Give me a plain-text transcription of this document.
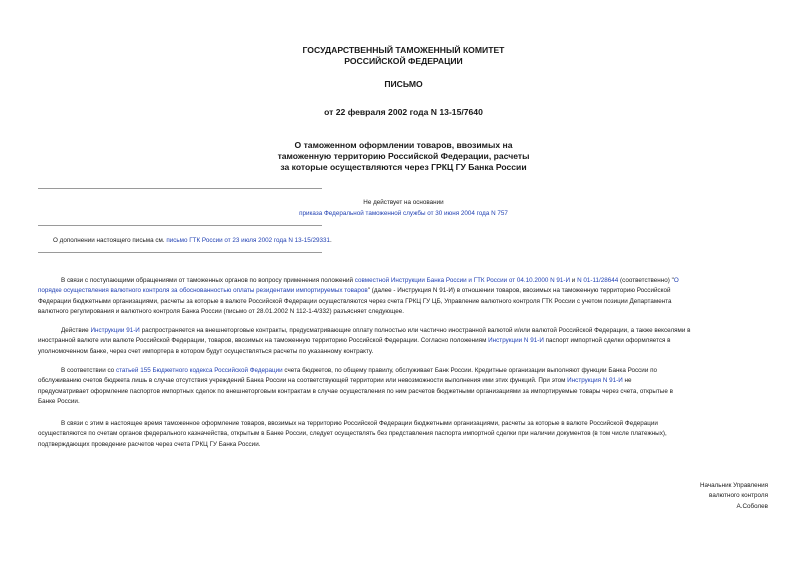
ГОСУДАРСТВЕННЫЙ ТАМОЖЕННЫЙ КОМИТЕТ
РОССИЙСКОЙ ФЕДЕРАЦИИ
ПИСЬМО
от 22 февраля 2002 года N 13-15/7640
О таможенном оформлении товаров, ввозимых на
таможенную территорию Российской Федерации, расчеты
за которые осуществляются через ГРКЦ ГУ Банка России
Не действует на основании
приказа Федеральной таможенной службы от 30 июня 2004 года N 757
О дополнении настоящего письма см. письмо ГТК России от 23 июля 2002 года N 13-15/29331.
В связи с поступающими обращениями от таможенных органов по вопросу применения положений совместной Инструкции Банка России и ГТК России от 04.10.2000 N 91-И и N 01-11/28644 (соответственно) "О
порядке осуществления валютного контроля за обоснованностью оплаты резидентами импортируемых товаров" (далее - Инструкция N 91-И) в отношении товаров, ввозимых на таможенную территорию Российской
Федерации бюджетными организациями, расчеты за которые в валюте Российской Федерации осуществляются через счета ГРКЦ ГУ ЦБ, Управление валютного контроля ГТК России с учетом позиции Департамента
валютного регулирования и валютного контроля Банка России (письмо от 28.01.2002 N 112-1-4/332) разъясняет следующее.
Действие Инструкции 91-И распространяется на внешнеторговые контракты, предусматривающие оплату полностью или частично иностранной валютой и/или валютой Российской Федерации, а также векселями в
иностранной валюте или валюте Российской Федерации, товаров, ввозимых на таможенную территорию Российской Федерации. Согласно положениям Инструкции N 91-И паспорт импортной сделки оформляется в
уполномоченном банке, через счет импортера в котором будут осуществляться расчеты по указанному контракту.
В соответствии со статьей 155 Бюджетного кодекса Российской Федерации счета бюджетов, по общему правилу, обслуживает Банк России. Кредитные организации выполняют функции Банка России по
обслуживанию счетов бюджета лишь в случае отсутствия учреждений Банка России на соответствующей территории или невозможности выполнения ими этих функций. При этом Инструкция N 91-И не
предусматривает оформление паспортов импортных сделок по внешнеторговым контрактам в случае осуществления по ним расчетов бюджетными организациями за импортируемые товары через счета, открытые в
Банке России.
В связи с этим в настоящее время таможенное оформление товаров, ввозимых на территорию Российской Федерации бюджетными организациями, расчеты за которые в валюте Российской Федерации
осуществляются по счетам органов федерального казначейства, открытым в Банке России, следует осуществлять без представления паспорта импортной сделки при наличии документов (в том числе платежных),
подтверждающих проведение расчетов через счета ГРКЦ ГУ Банка России.
Начальник Управления
валютного контроля
А.Соболев
